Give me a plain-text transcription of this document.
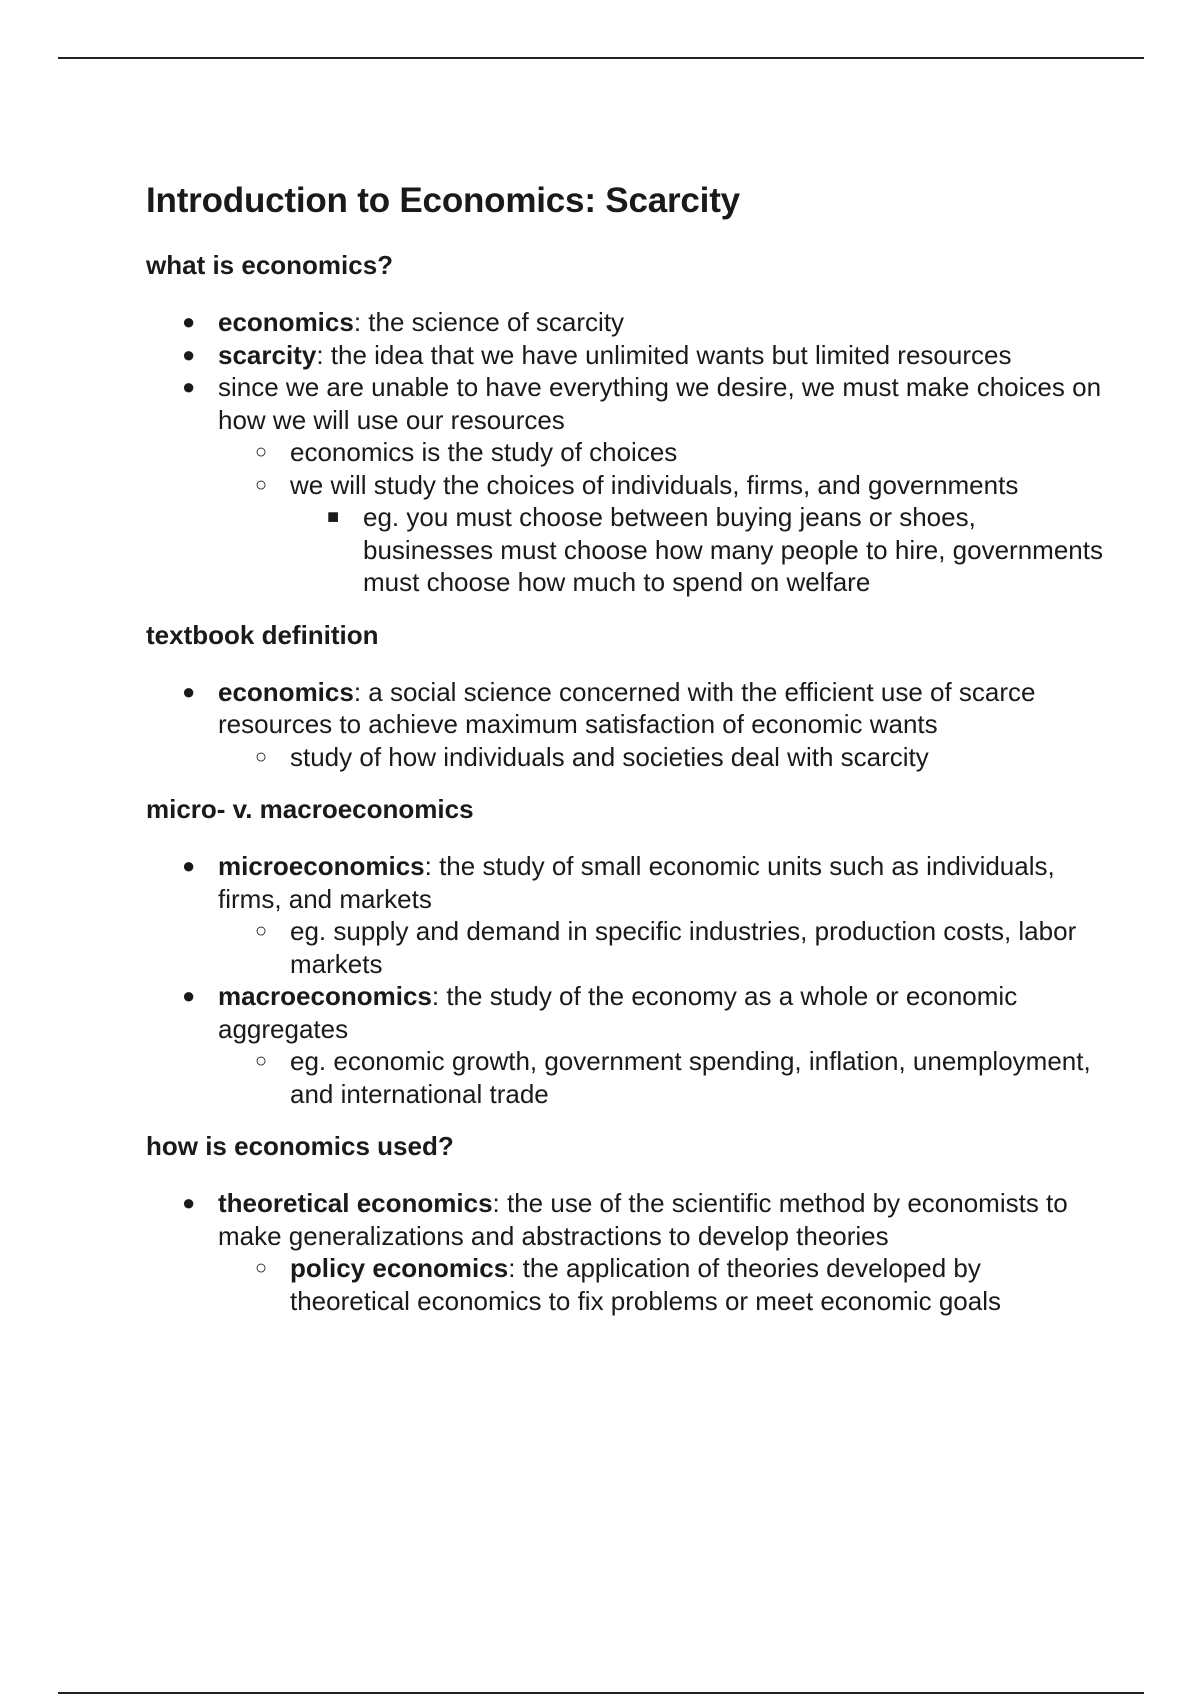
Introduction to Economics: Scarcity
what is economics?
● economics: the science of scarcity
● scarcity: the idea that we have unlimited wants but limited resources
● since we are unable to have everything we desire, we must make choices on how we will use our resources
○ economics is the study of choices
○ we will study the choices of individuals, firms, and governments
■ eg. you must choose between buying jeans or shoes, businesses must choose how many people to hire, governments must choose how much to spend on welfare
textbook definition
● economics: a social science concerned with the efficient use of scarce resources to achieve maximum satisfaction of economic wants
○ study of how individuals and societies deal with scarcity
micro- v. macroeconomics
● microeconomics: the study of small economic units such as individuals, firms, and markets
○ eg. supply and demand in specific industries, production costs, labor markets
● macroeconomics: the study of the economy as a whole or economic aggregates
○ eg. economic growth, government spending, inflation, unemployment, and international trade
how is economics used?
● theoretical economics: the use of the scientific method by economists to make generalizations and abstractions to develop theories
○ policy economics: the application of theories developed by theoretical economics to fix problems or meet economic goals
